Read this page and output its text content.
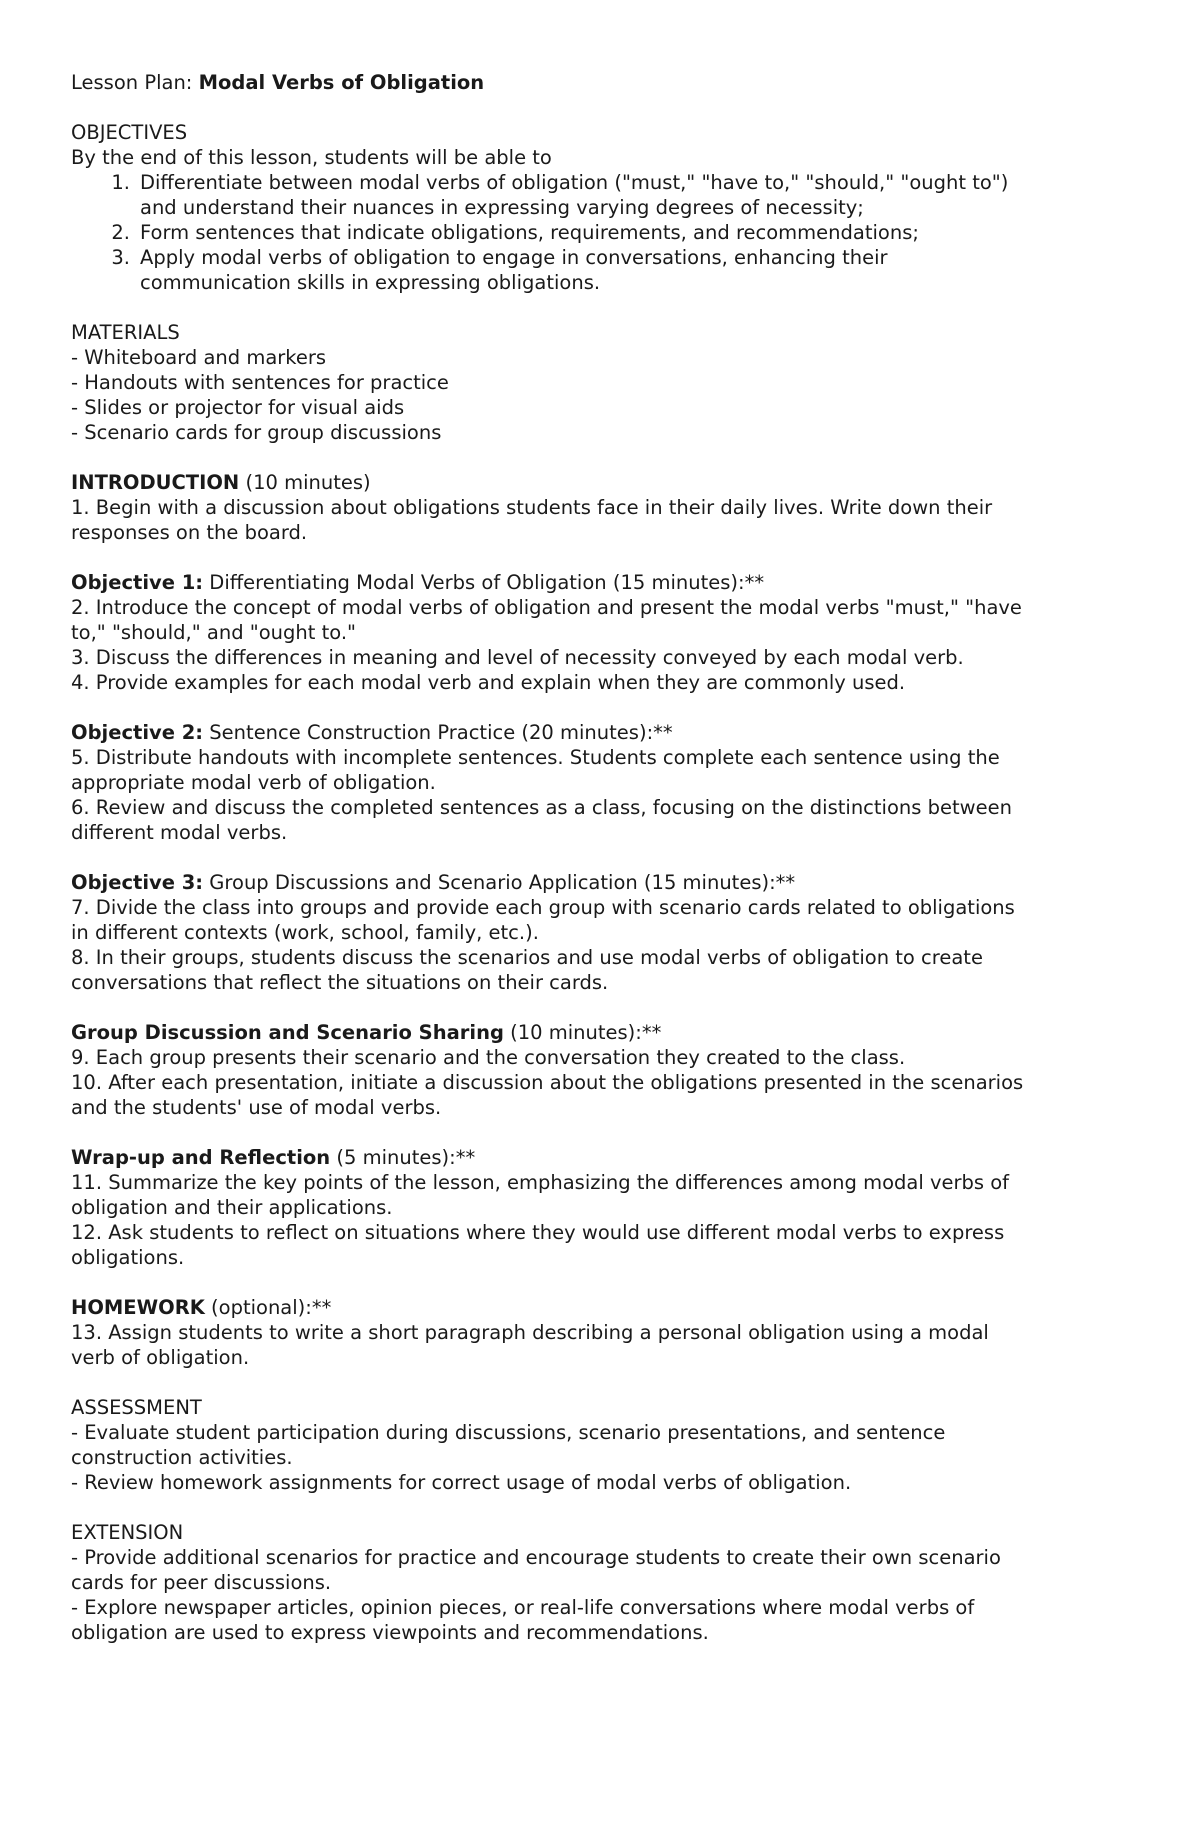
Lesson Plan: Modal Verbs of Obligation
OBJECTIVES
By the end of this lesson, students will be able to
1. Differentiate between modal verbs of obligation ("must," "have to," "should," "ought to")
and understand their nuances in expressing varying degrees of necessity;
2. Form sentences that indicate obligations, requirements, and recommendations;
3. Apply modal verbs of obligation to engage in conversations, enhancing their
communication skills in expressing obligations.
MATERIALS
- Whiteboard and markers
- Handouts with sentences for practice
- Slides or projector for visual aids
- Scenario cards for group discussions
INTRODUCTION (10 minutes)
1. Begin with a discussion about obligations students face in their daily lives. Write down their
responses on the board.
Objective 1: Differentiating Modal Verbs of Obligation (15 minutes):**
2. Introduce the concept of modal verbs of obligation and present the modal verbs "must," "have
to," "should," and "ought to."
3. Discuss the differences in meaning and level of necessity conveyed by each modal verb.
4. Provide examples for each modal verb and explain when they are commonly used.
Objective 2: Sentence Construction Practice (20 minutes):**
5. Distribute handouts with incomplete sentences. Students complete each sentence using the
appropriate modal verb of obligation.
6. Review and discuss the completed sentences as a class, focusing on the distinctions between
different modal verbs.
Objective 3: Group Discussions and Scenario Application (15 minutes):**
7. Divide the class into groups and provide each group with scenario cards related to obligations
in different contexts (work, school, family, etc.).
8. In their groups, students discuss the scenarios and use modal verbs of obligation to create
conversations that reflect the situations on their cards.
Group Discussion and Scenario Sharing (10 minutes):**
9. Each group presents their scenario and the conversation they created to the class.
10. After each presentation, initiate a discussion about the obligations presented in the scenarios
and the students' use of modal verbs.
Wrap-up and Reflection (5 minutes):**
11. Summarize the key points of the lesson, emphasizing the differences among modal verbs of
obligation and their applications.
12. Ask students to reflect on situations where they would use different modal verbs to express
obligations.
HOMEWORK (optional):**
13. Assign students to write a short paragraph describing a personal obligation using a modal
verb of obligation.
ASSESSMENT
- Evaluate student participation during discussions, scenario presentations, and sentence
construction activities.
- Review homework assignments for correct usage of modal verbs of obligation.
EXTENSION
- Provide additional scenarios for practice and encourage students to create their own scenario
cards for peer discussions.
- Explore newspaper articles, opinion pieces, or real-life conversations where modal verbs of
obligation are used to express viewpoints and recommendations.
